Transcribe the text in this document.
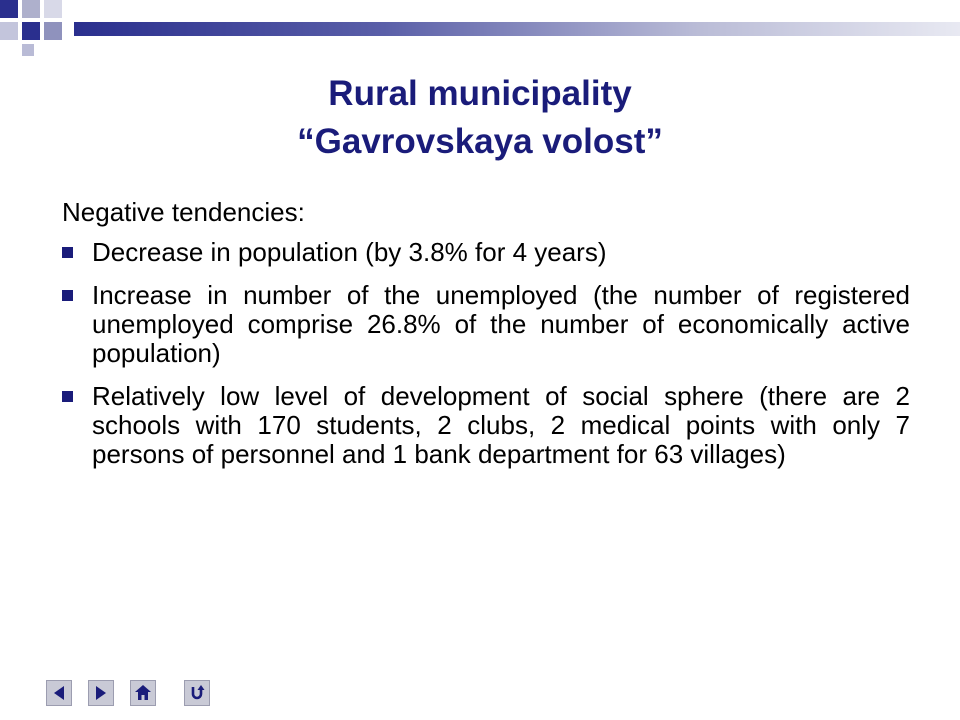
Rural municipality
“Gavrovskaya volost”
Negative tendencies:
Decrease in population (by 3.8% for 4 years)
Increase in number of the unemployed (the number of registered unemployed comprise 26.8% of the number of economically active population)
Relatively low level of development of social sphere (there are 2 schools with 170 students, 2 clubs, 2 medical points with only 7 persons of personnel and 1 bank department for 63 villages)
